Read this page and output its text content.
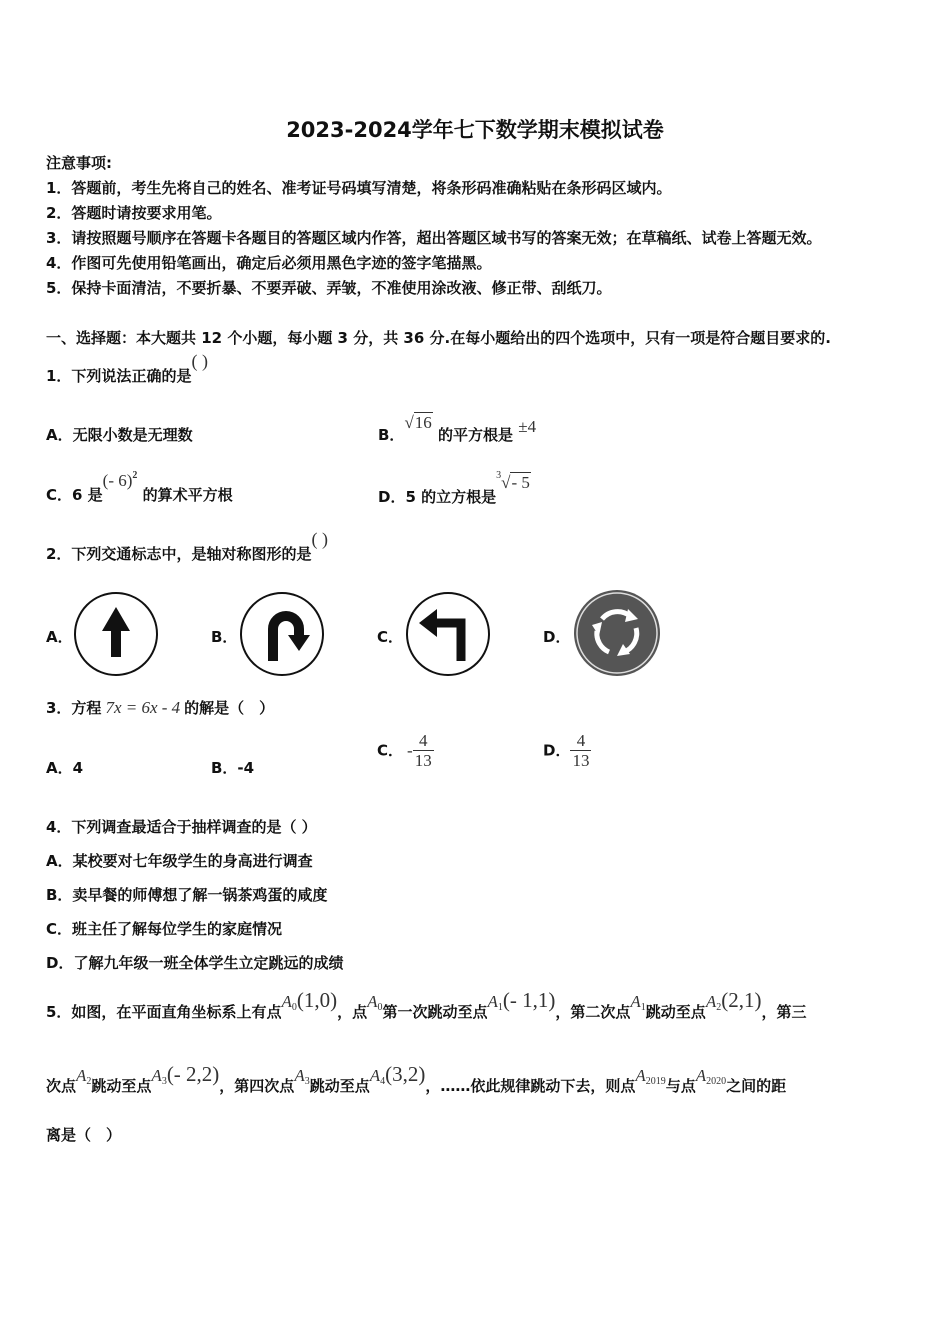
2023-2024学年七下数学期末模拟试卷
注意事项:
1．答题前，考生先将自己的姓名、准考证号码填写清楚，将条形码准确粘贴在条形码区域内。
2．答题时请按要求用笔。
3．请按照题号顺序在答题卡各题目的答题区域内作答，超出答题区域书写的答案无效；在草稿纸、试卷上答题无效。
4．作图可先使用铅笔画出，确定后必须用黑色字迹的签字笔描黑。
5．保持卡面清洁，不要折暴、不要弄破、弄皱，不准使用涂改液、修正带、刮纸刀。
一、选择题：本大题共 12 个小题，每小题 3 分，共 36 分.在每小题给出的四个选项中，只有一项是符合题目要求的.
1．下列说法正确的是( )
A．无限小数是无理数	B．√16 的平方根是 ±4
C．6 是(- 6)$^2$ 的算术平方根	D．5 的立方根是$^3$√- 5
2．下列交通标志中，是轴对称图形的是( )
A．	B．	C．	D．
3．方程 7x = 6x - 4 的解是（　）
A．4	B．-4
C． - $\frac{4}{13}$	D． $\frac{4}{13}$
4．下列调查最适合于抽样调查的是（ ）
A．某校要对七年级学生的身高进行调查
B．卖早餐的师傅想了解一锅茶鸡蛋的咸度
C．班主任了解每位学生的家庭情况
D．了解九年级一班全体学生立定跳远的成绩
5．如图，在平面直角坐标系上有点$A_0(1,0)$，点$A_0$第一次跳动至点$A_1(-$ 1,1)，第二次点$A_1$跳动至点$A_2(2,1)$，第三
次点$A_2$跳动至点$A_3(-$ 2,2)，第四次点$A_3$跳动至点$A_4(3,2)$，……依此规律跳动下去，则点$A_{2019}$与点$A_{2020}$之间的距
离是（　）
